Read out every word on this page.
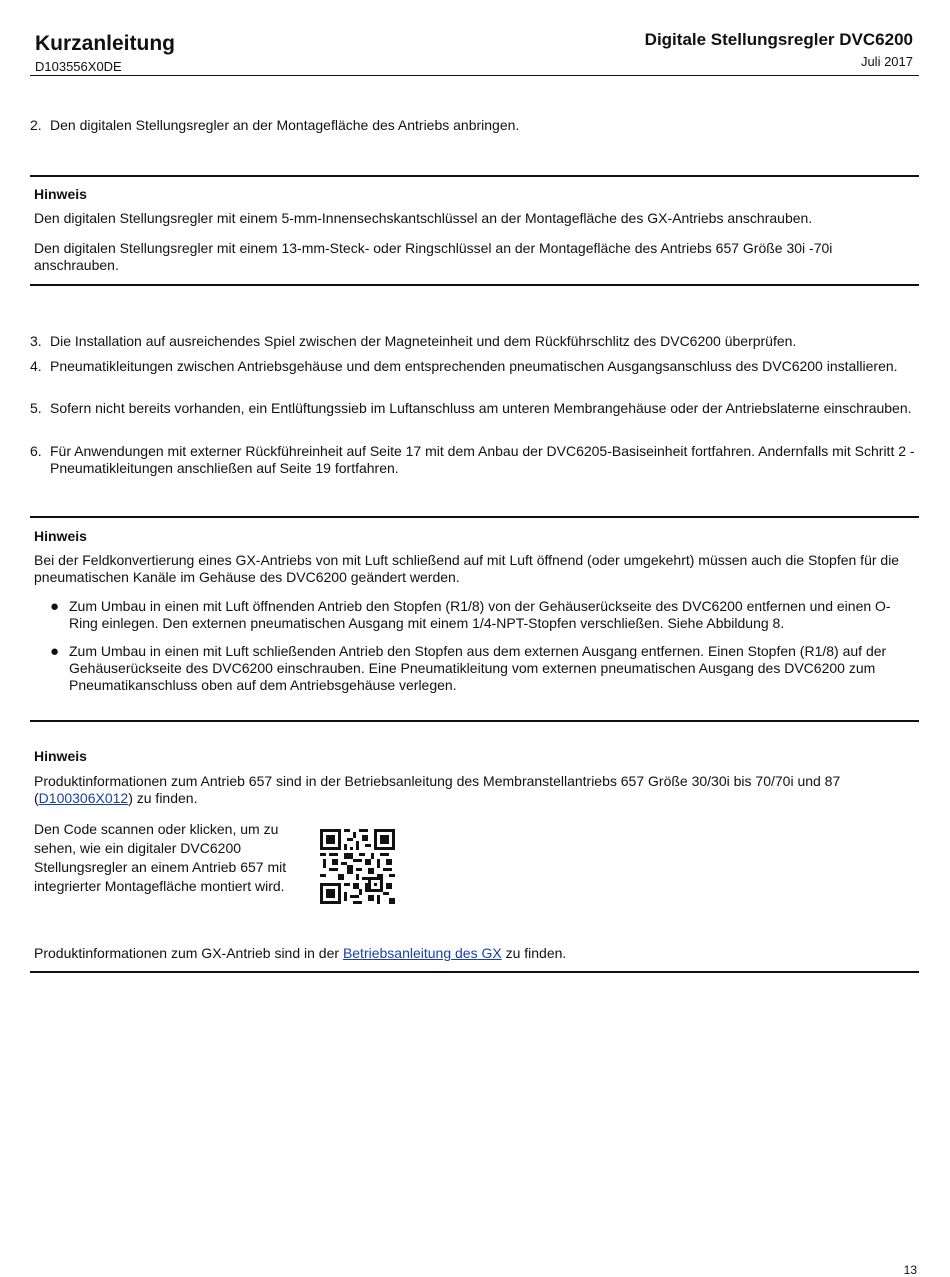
Kurzanleitung
D103556X0DE
Digitale Stellungsregler DVC6200
Juli 2017
2. Den digitalen Stellungsregler an der Montagefläche des Antriebs anbringen.
Hinweis
Den digitalen Stellungsregler mit einem 5-mm-Innensechskantschlüssel an der Montagefläche des GX-Antriebs anschrauben.
Den digitalen Stellungsregler mit einem 13-mm-Steck- oder Ringschlüssel an der Montagefläche des Antriebs 657 Größe 30i -70i anschrauben.
3. Die Installation auf ausreichendes Spiel zwischen der Magneteinheit und dem Rückführschlitz des DVC6200 überprüfen.
4. Pneumatikleitungen zwischen Antriebsgehäuse und dem entsprechenden pneumatischen Ausgangsanschluss des DVC6200 installieren.
5. Sofern nicht bereits vorhanden, ein Entlüftungssieb im Luftanschluss am unteren Membrangehäuse oder der Antriebslaterne einschrauben.
6. Für Anwendungen mit externer Rückführeinheit auf Seite 17 mit dem Anbau der DVC6205-Basiseinheit fortfahren. Andernfalls mit Schritt 2 - Pneumatikleitungen anschließen auf Seite 19 fortfahren.
Hinweis
Bei der Feldkonvertierung eines GX-Antriebs von mit Luft schließend auf mit Luft öffnend (oder umgekehrt) müssen auch die Stopfen für die pneumatischen Kanäle im Gehäuse des DVC6200 geändert werden.
● Zum Umbau in einen mit Luft öffnenden Antrieb den Stopfen (R1/8) von der Gehäuserückseite des DVC6200 entfernen und einen O-Ring einlegen. Den externen pneumatischen Ausgang mit einem 1/4-NPT-Stopfen verschließen. Siehe Abbildung 8.
● Zum Umbau in einen mit Luft schließenden Antrieb den Stopfen aus dem externen Ausgang entfernen. Einen Stopfen (R1/8) auf der Gehäuserückseite des DVC6200 einschrauben. Eine Pneumatikleitung vom externen pneumatischen Ausgang des DVC6200 zum Pneumatikanschluss oben auf dem Antriebsgehäuse verlegen.
Hinweis
Produktinformationen zum Antrieb 657 sind in der Betriebsanleitung des Membranstellantriebs 657 Größe 30/30i bis 70/70i und 87 (D100306X012) zu finden.
Den Code scannen oder klicken, um zu sehen, wie ein digitaler DVC6200 Stellungsregler an einem Antrieb 657 mit integrierter Montagefläche montiert wird.
Produktinformationen zum GX-Antrieb sind in der Betriebsanleitung des GX zu finden.
13
